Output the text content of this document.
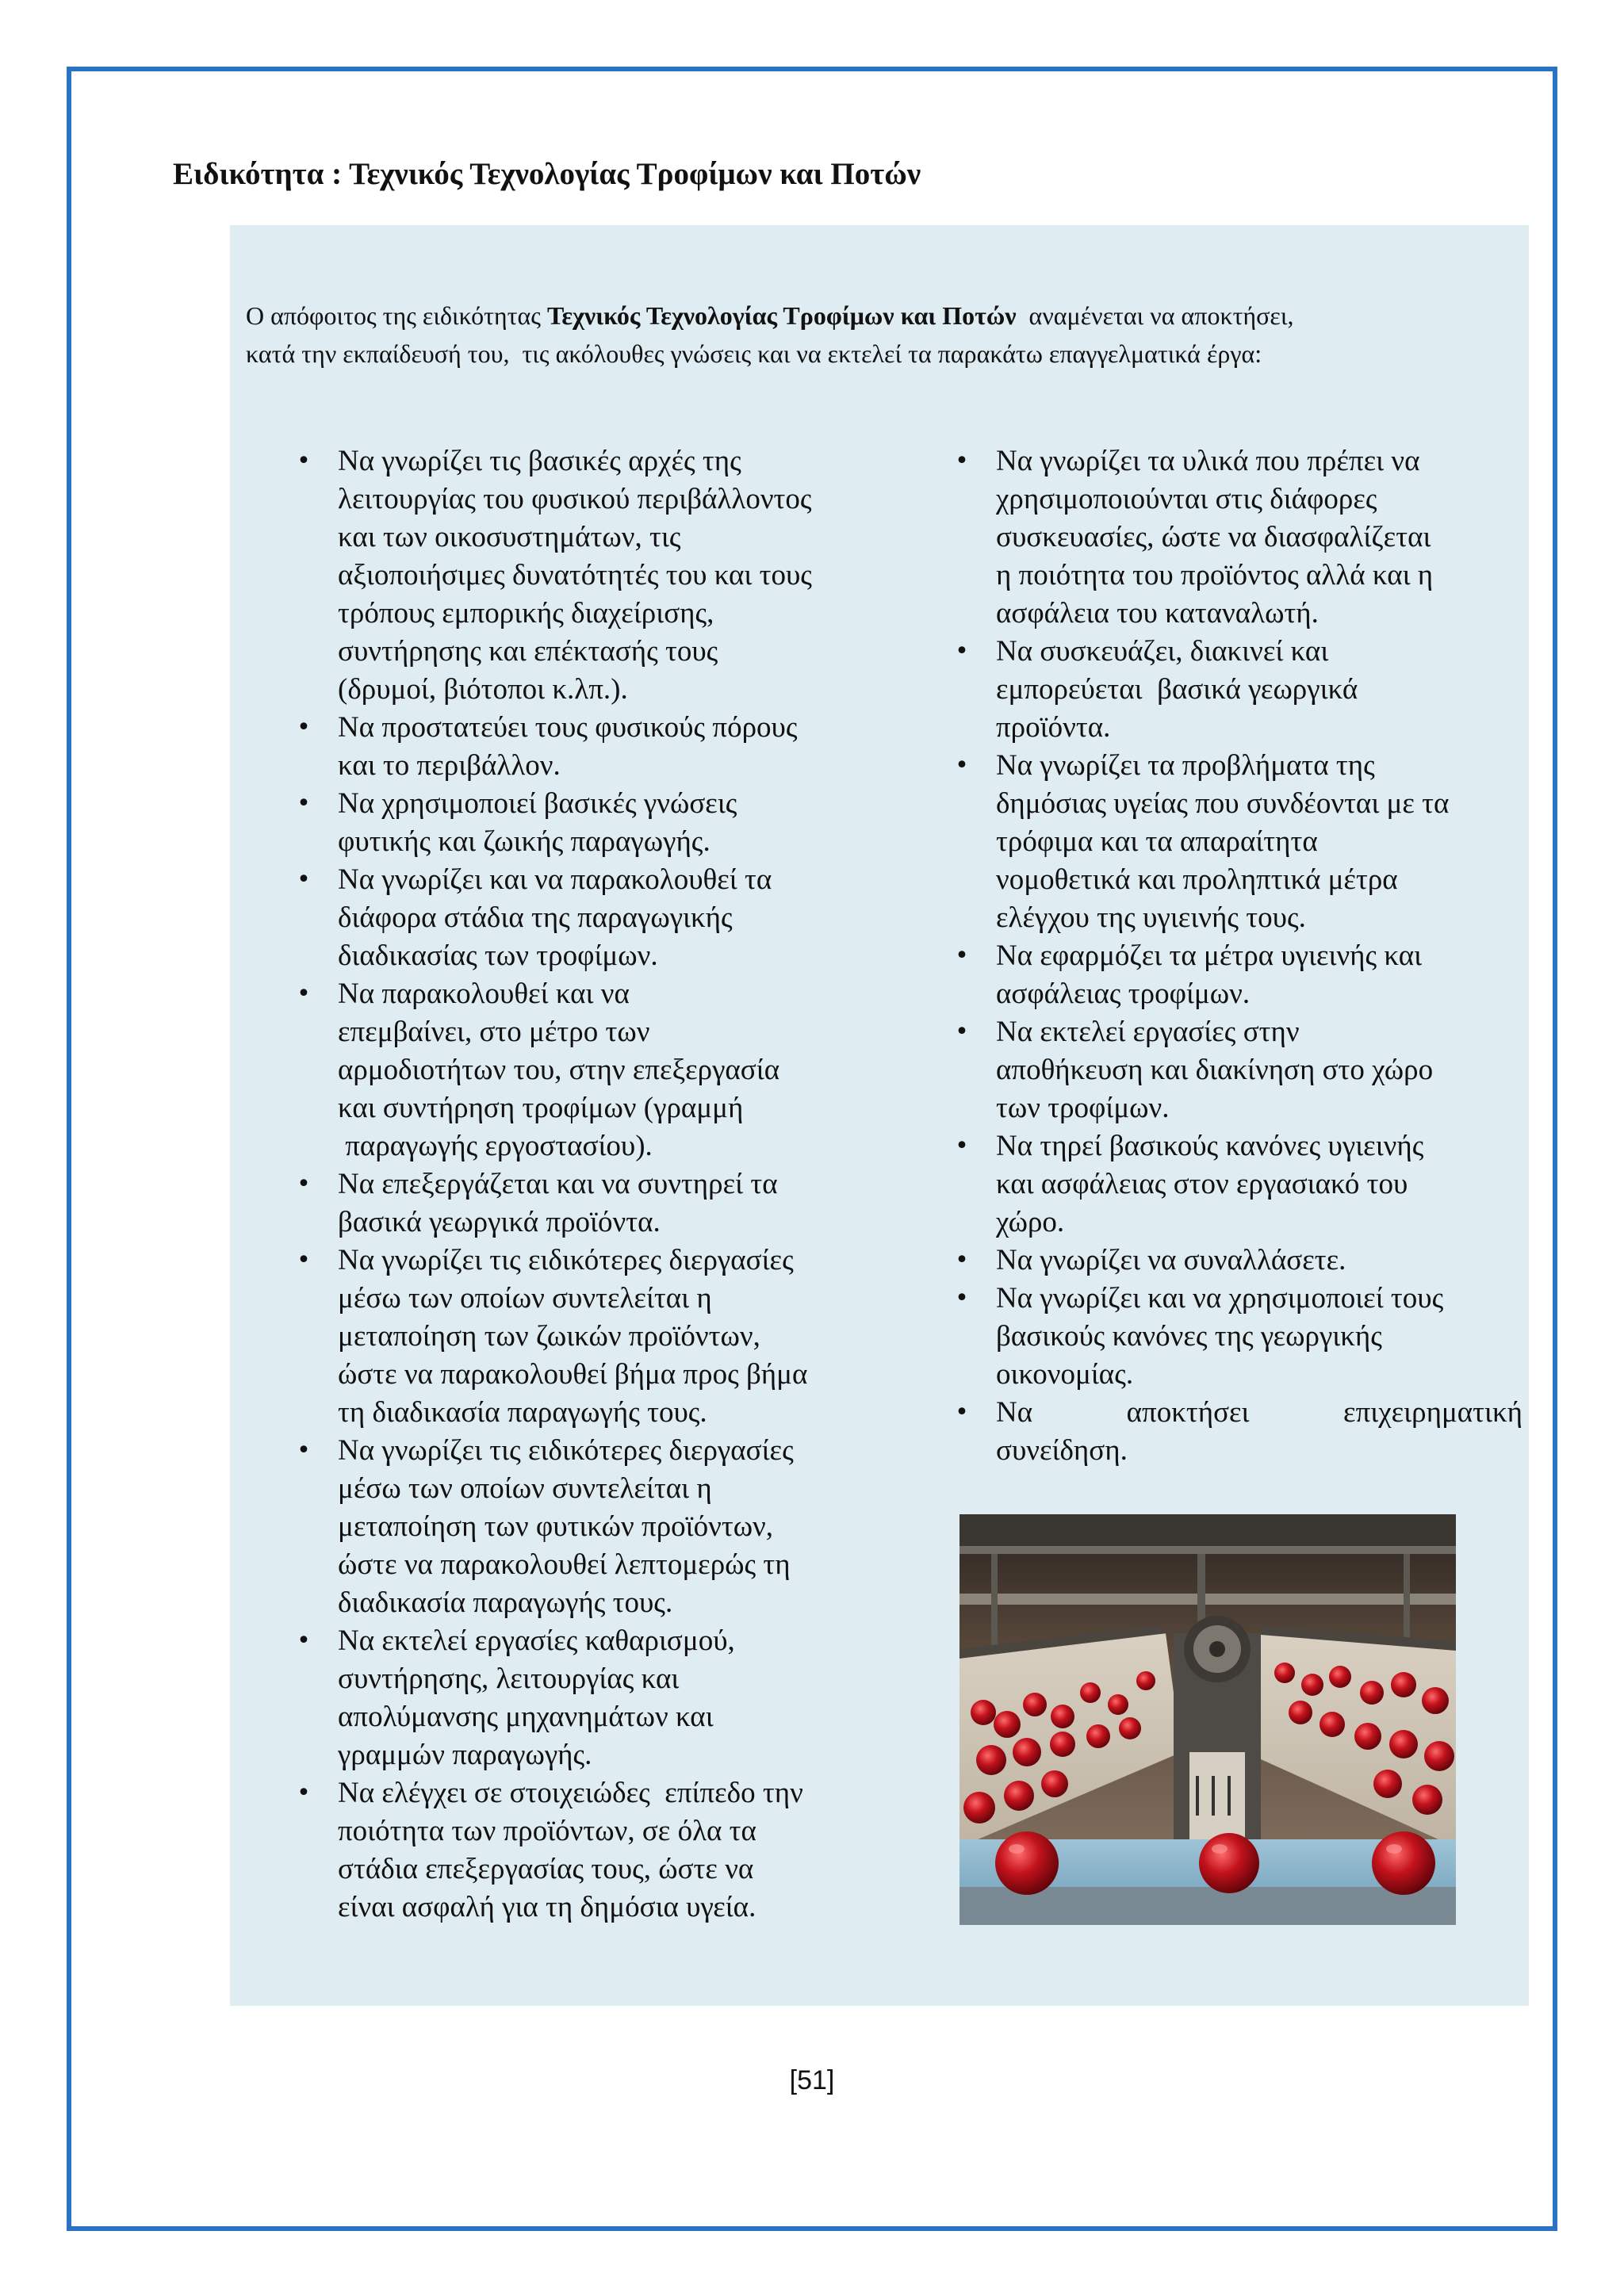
Ειδικότητα : Τεχνικός Τεχνολογίας Τροφίμων και Ποτών
Ο απόφοιτος της ειδικότητας Τεχνικός Τεχνολογίας Τροφίμων και Ποτών  αναμένεται να αποκτήσει,
κατά την εκπαίδευσή του,  τις ακόλουθες γνώσεις και να εκτελεί τα παρακάτω επαγγελματικά έργα:
• Να γνωρίζει τις βασικές αρχές της
λειτουργίας του φυσικού περιβάλλοντος
και των οικοσυστημάτων, τις
αξιοποιήσιμες δυνατότητές του και τους
τρόπους εμπορικής διαχείρισης,
συντήρησης και επέκτασής τους
(δρυμοί, βιότοποι κ.λπ.).
• Να προστατεύει τους φυσικούς πόρους
και το περιβάλλον.
• Να χρησιμοποιεί βασικές γνώσεις
φυτικής και ζωικής παραγωγής.
• Να γνωρίζει και να παρακολουθεί τα
διάφορα στάδια της παραγωγικής
διαδικασίας των τροφίμων.
• Να παρακολουθεί και να
επεμβαίνει, στο μέτρο των
αρμοδιοτήτων του, στην επεξεργασία
και συντήρηση τροφίμων (γραμμή
παραγωγής εργοστασίου).
• Να επεξεργάζεται και να συντηρεί τα
βασικά γεωργικά προϊόντα.
• Να γνωρίζει τις ειδικότερες διεργασίες
μέσω των οποίων συντελείται η
μεταποίηση των ζωικών προϊόντων,
ώστε να παρακολουθεί βήμα προς βήμα
τη διαδικασία παραγωγής τους.
• Να γνωρίζει τις ειδικότερες διεργασίες
μέσω των οποίων συντελείται η
μεταποίηση των φυτικών προϊόντων,
ώστε να παρακολουθεί λεπτομερώς τη
διαδικασία παραγωγής τους.
• Να εκτελεί εργασίες καθαρισμού,
συντήρησης, λειτουργίας και
απολύμανσης μηχανημάτων και
γραμμών παραγωγής.
• Να ελέγχει σε στοιχειώδες  επίπεδο την
ποιότητα των προϊόντων, σε όλα τα
στάδια επεξεργασίας τους, ώστε να
είναι ασφαλή για τη δημόσια υγεία.
• Να γνωρίζει τα υλικά που πρέπει να
χρησιμοποιούνται στις διάφορες
συσκευασίες, ώστε να διασφαλίζεται
η ποιότητα του προϊόντος αλλά και η
ασφάλεια του καταναλωτή.
• Να συσκευάζει, διακινεί και
εμπορεύεται  βασικά γεωργικά
προϊόντα.
• Να γνωρίζει τα προβλήματα της
δημόσιας υγείας που συνδέονται με τα
τρόφιμα και τα απαραίτητα
νομοθετικά και προληπτικά μέτρα
ελέγχου της υγιεινής τους.
• Να εφαρμόζει τα μέτρα υγιεινής και
ασφάλειας τροφίμων.
• Να εκτελεί εργασίες στην
αποθήκευση και διακίνηση στο χώρο
των τροφίμων.
• Να τηρεί βασικούς κανόνες υγιεινής
και ασφάλειας στον εργασιακό του
χώρο.
• Να γνωρίζει να συναλλάσετε.
• Να γνωρίζει και να χρησιμοποιεί τους
βασικούς κανόνες της γεωργικής
οικονομίας.
• Να αποκτήσει επιχειρηματική
συνείδηση.
[51]
